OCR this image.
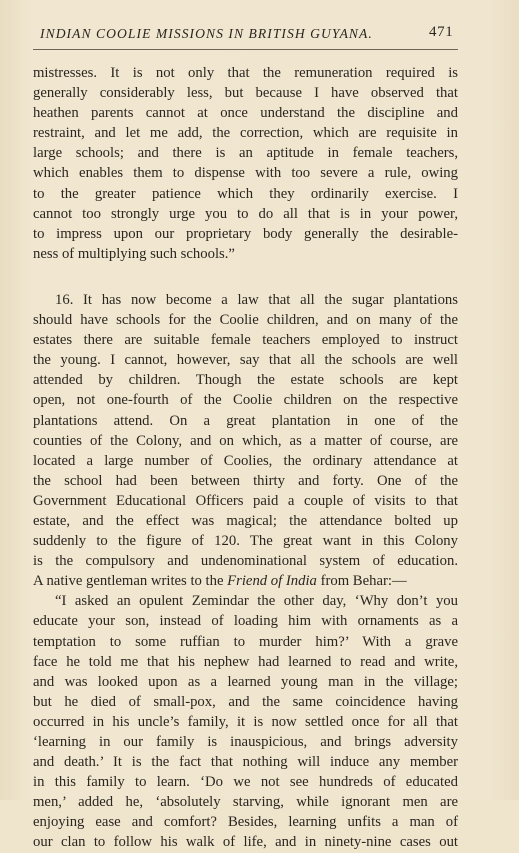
INDIAN COOLIE MISSIONS IN BRITISH GUYANA.	471
mistresses. It is not only that the remuneration required is
generally considerably less, but because I have observed that
heathen parents cannot at once understand the discipline and
restraint, and let me add, the correction, which are requisite in
large schools; and there is an aptitude in female teachers,
which enables them to dispense with too severe a rule, owing
to the greater patience which they ordinarily exercise. I
cannot too strongly urge you to do all that is in your power,
to impress upon our proprietary body generally the desirable-
ness of multiplying such schools.”
16. It has now become a law that all the sugar plantations
should have schools for the Coolie children, and on many of the
estates there are suitable female teachers employed to instruct
the young. I cannot, however, say that all the schools are well
attended by children. Though the estate schools are kept
open, not one-fourth of the Coolie children on the respective
plantations attend. On a great plantation in one of the
counties of the Colony, and on which, as a matter of course, are
located a large number of Coolies, the ordinary attendance at
the school had been between thirty and forty. One of the
Government Educational Officers paid a couple of visits to that
estate, and the effect was magical; the attendance bolted up
suddenly to the figure of 120. The great want in this Colony
is the compulsory and undenominational system of education.
A native gentleman writes to the Friend of India from Behar:—
“I asked an opulent Zemindar the other day, ‘Why don’t you
educate your son, instead of loading him with ornaments as a
temptation to some ruffian to murder him?’ With a grave
face he told me that his nephew had learned to read and write,
and was looked upon as a learned young man in the village;
but he died of small-pox, and the same coincidence having
occurred in his uncle’s family, it is now settled once for all that
‘learning in our family is inauspicious, and brings adversity
and death.’ It is the fact that nothing will induce any member
in this family to learn. ‘Do we not see hundreds of educated
men,’ added he, ‘absolutely starving, while ignorant men are
enjoying ease and comfort? Besides, learning unfits a man of
our clan to follow his walk of life, and in ninety-nine cases out
